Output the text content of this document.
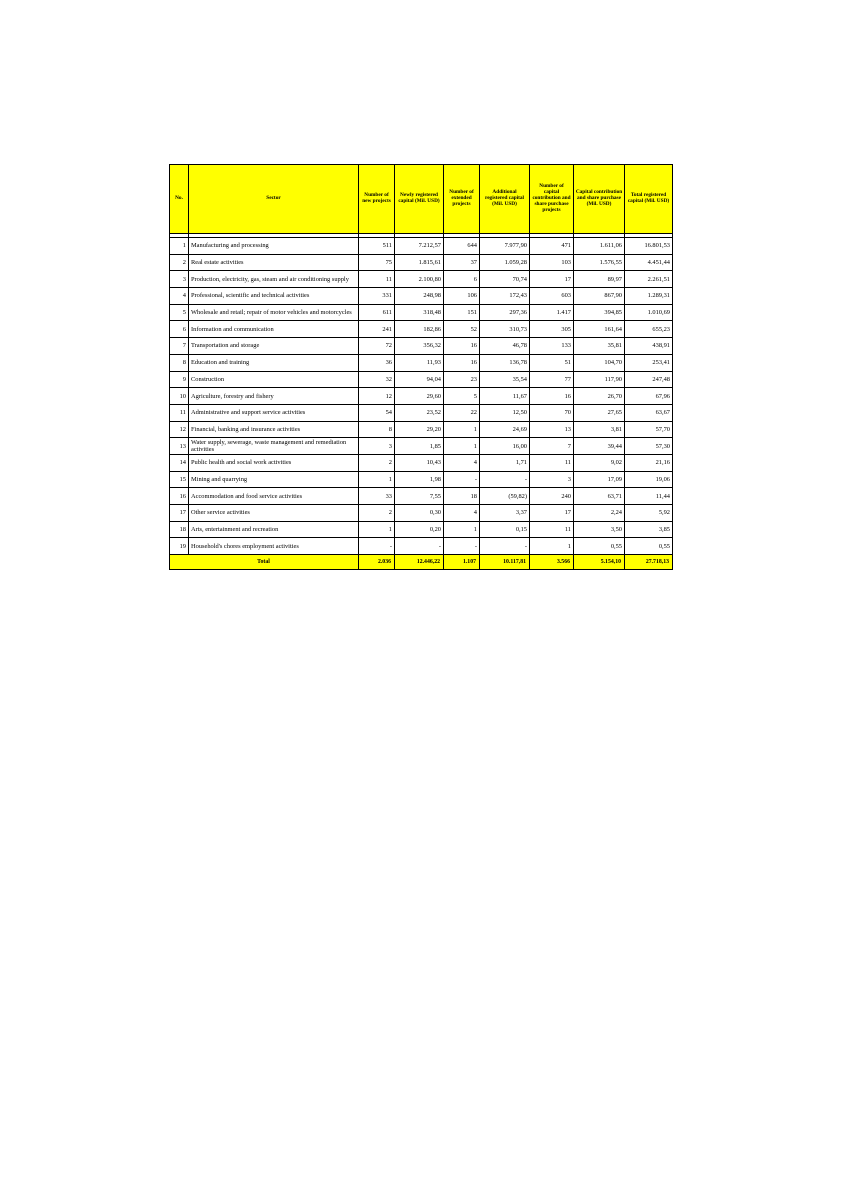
No.	Sector	Number of new projects	Newly registered capital (Mil. USD)	Number of extended projects	Additional registered capital (Mil. USD)	Number of capital contribution and share purchase projects	Capital contribution and share purchase (Mil. USD)	Total registered capital (Mil. USD)

1	Manufacturing and processing	511	7.212,57	644	7.977,90	471	1.611,06	16.801,53
2	Real estate activities	75	1.815,61	37	1.059,28	103	1.576,55	4.451,44
3	Production, electricity, gas, steam and air conditioning supply	11	2.100,80	6	70,74	17	89,97	2.261,51
4	Professional, scientific and technical activities	331	248,98	106	172,43	603	867,90	1.289,31
5	Wholesale and retail; repair of motor vehicles and motorcycles	611	318,48	151	297,36	1.417	394,85	1.010,69
6	Information and communication	241	182,86	52	310,73	305	161,64	655,23
7	Transportation and storage	72	356,32	16	46,78	133	35,81	438,91
8	Education and training	36	11,93	16	136,78	51	104,70	253,41
9	Construction	32	94,04	23	35,54	77	117,90	247,48
10	Agriculture, forestry and fishery	12	29,60	5	11,67	16	26,70	67,96
11	Administrative and support service activities	54	23,52	22	12,50	70	27,65	63,67
12	Financial, banking and insurance activities	8	29,20	1	24,69	13	3,81	57,70
13	Water supply, sewerage, waste management and remediation activities	3	1,85	1	16,00	7	39,44	57,30
14	Public health and social work activities	2	10,43	4	1,71	11	9,02	21,16
15	Mining and quarrying	1	1,98	-	-	3	17,09	19,06
16	Accommodation and food service activities	33	7,55	18	(59,82)	240	63,71	11,44
17	Other service activities	2	0,30	4	3,37	17	2,24	5,92
18	Arts, entertainment and recreation	1	0,20	1	0,15	11	3,50	3,85
19	Household's chores employment activities	-	-	-	-	1	0,55	0,55
Total		2.036	12.446,22	1.107	10.117,81	3.566	5.154,10	27.718,13
